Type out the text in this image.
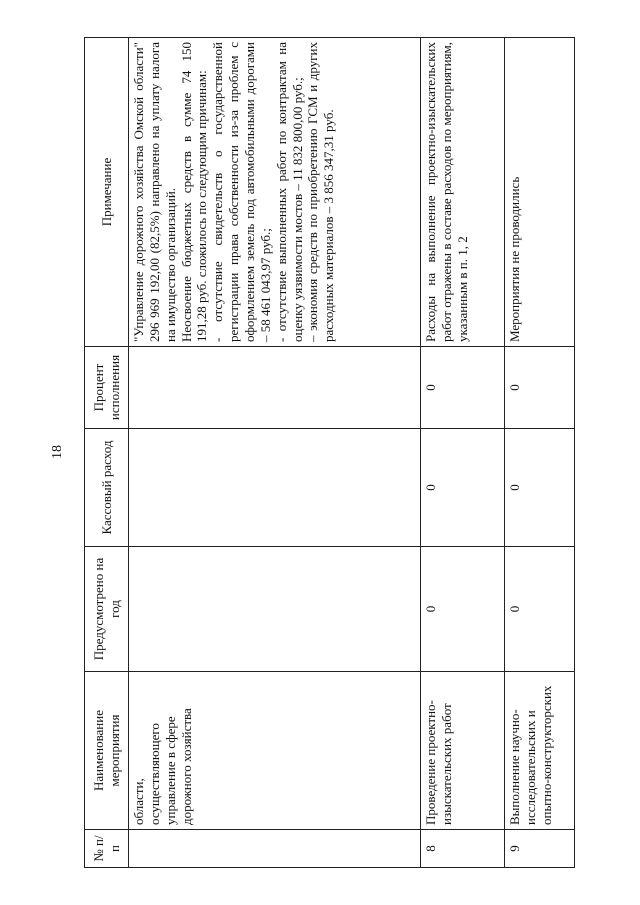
18
№ п/п	Наименование мероприятия	Предусмотрено на год	Кассовый расход	Процент исполнения	Примечание
	области, осуществляющего управление в сфере дорожного хозяйства				"Управление дорожного хозяйства Омской области" 296 969 192,00 (82,5%) направлено на уплату налога на имущество организаций. Неосвоение бюджетных средств в сумме 74 150 191,28 руб. сложилось по следующим причинам: - отсутствие свидетельств о государственной регистрации права собственности из-за проблем с оформлением земель под автомобильными дорогами – 58 461 043,97 руб.; - отсутствие выполненных работ по контрактам на оценку уязвимости мостов – 11 832 800,00 руб.; – экономия средств по приобретению ГСМ и других расходных материалов – 3 856 347,31 руб.

8	Проведение проектно-изыскательских работ	0	0	0	Расходы на выполнение проектно-изыскательских работ отражены в составе расходов по мероприятиям, указанным в п. 1, 2

9	Выполнение научно-исследовательских и опытно-конструкторских	0	0	0	Мероприятия не проводились
